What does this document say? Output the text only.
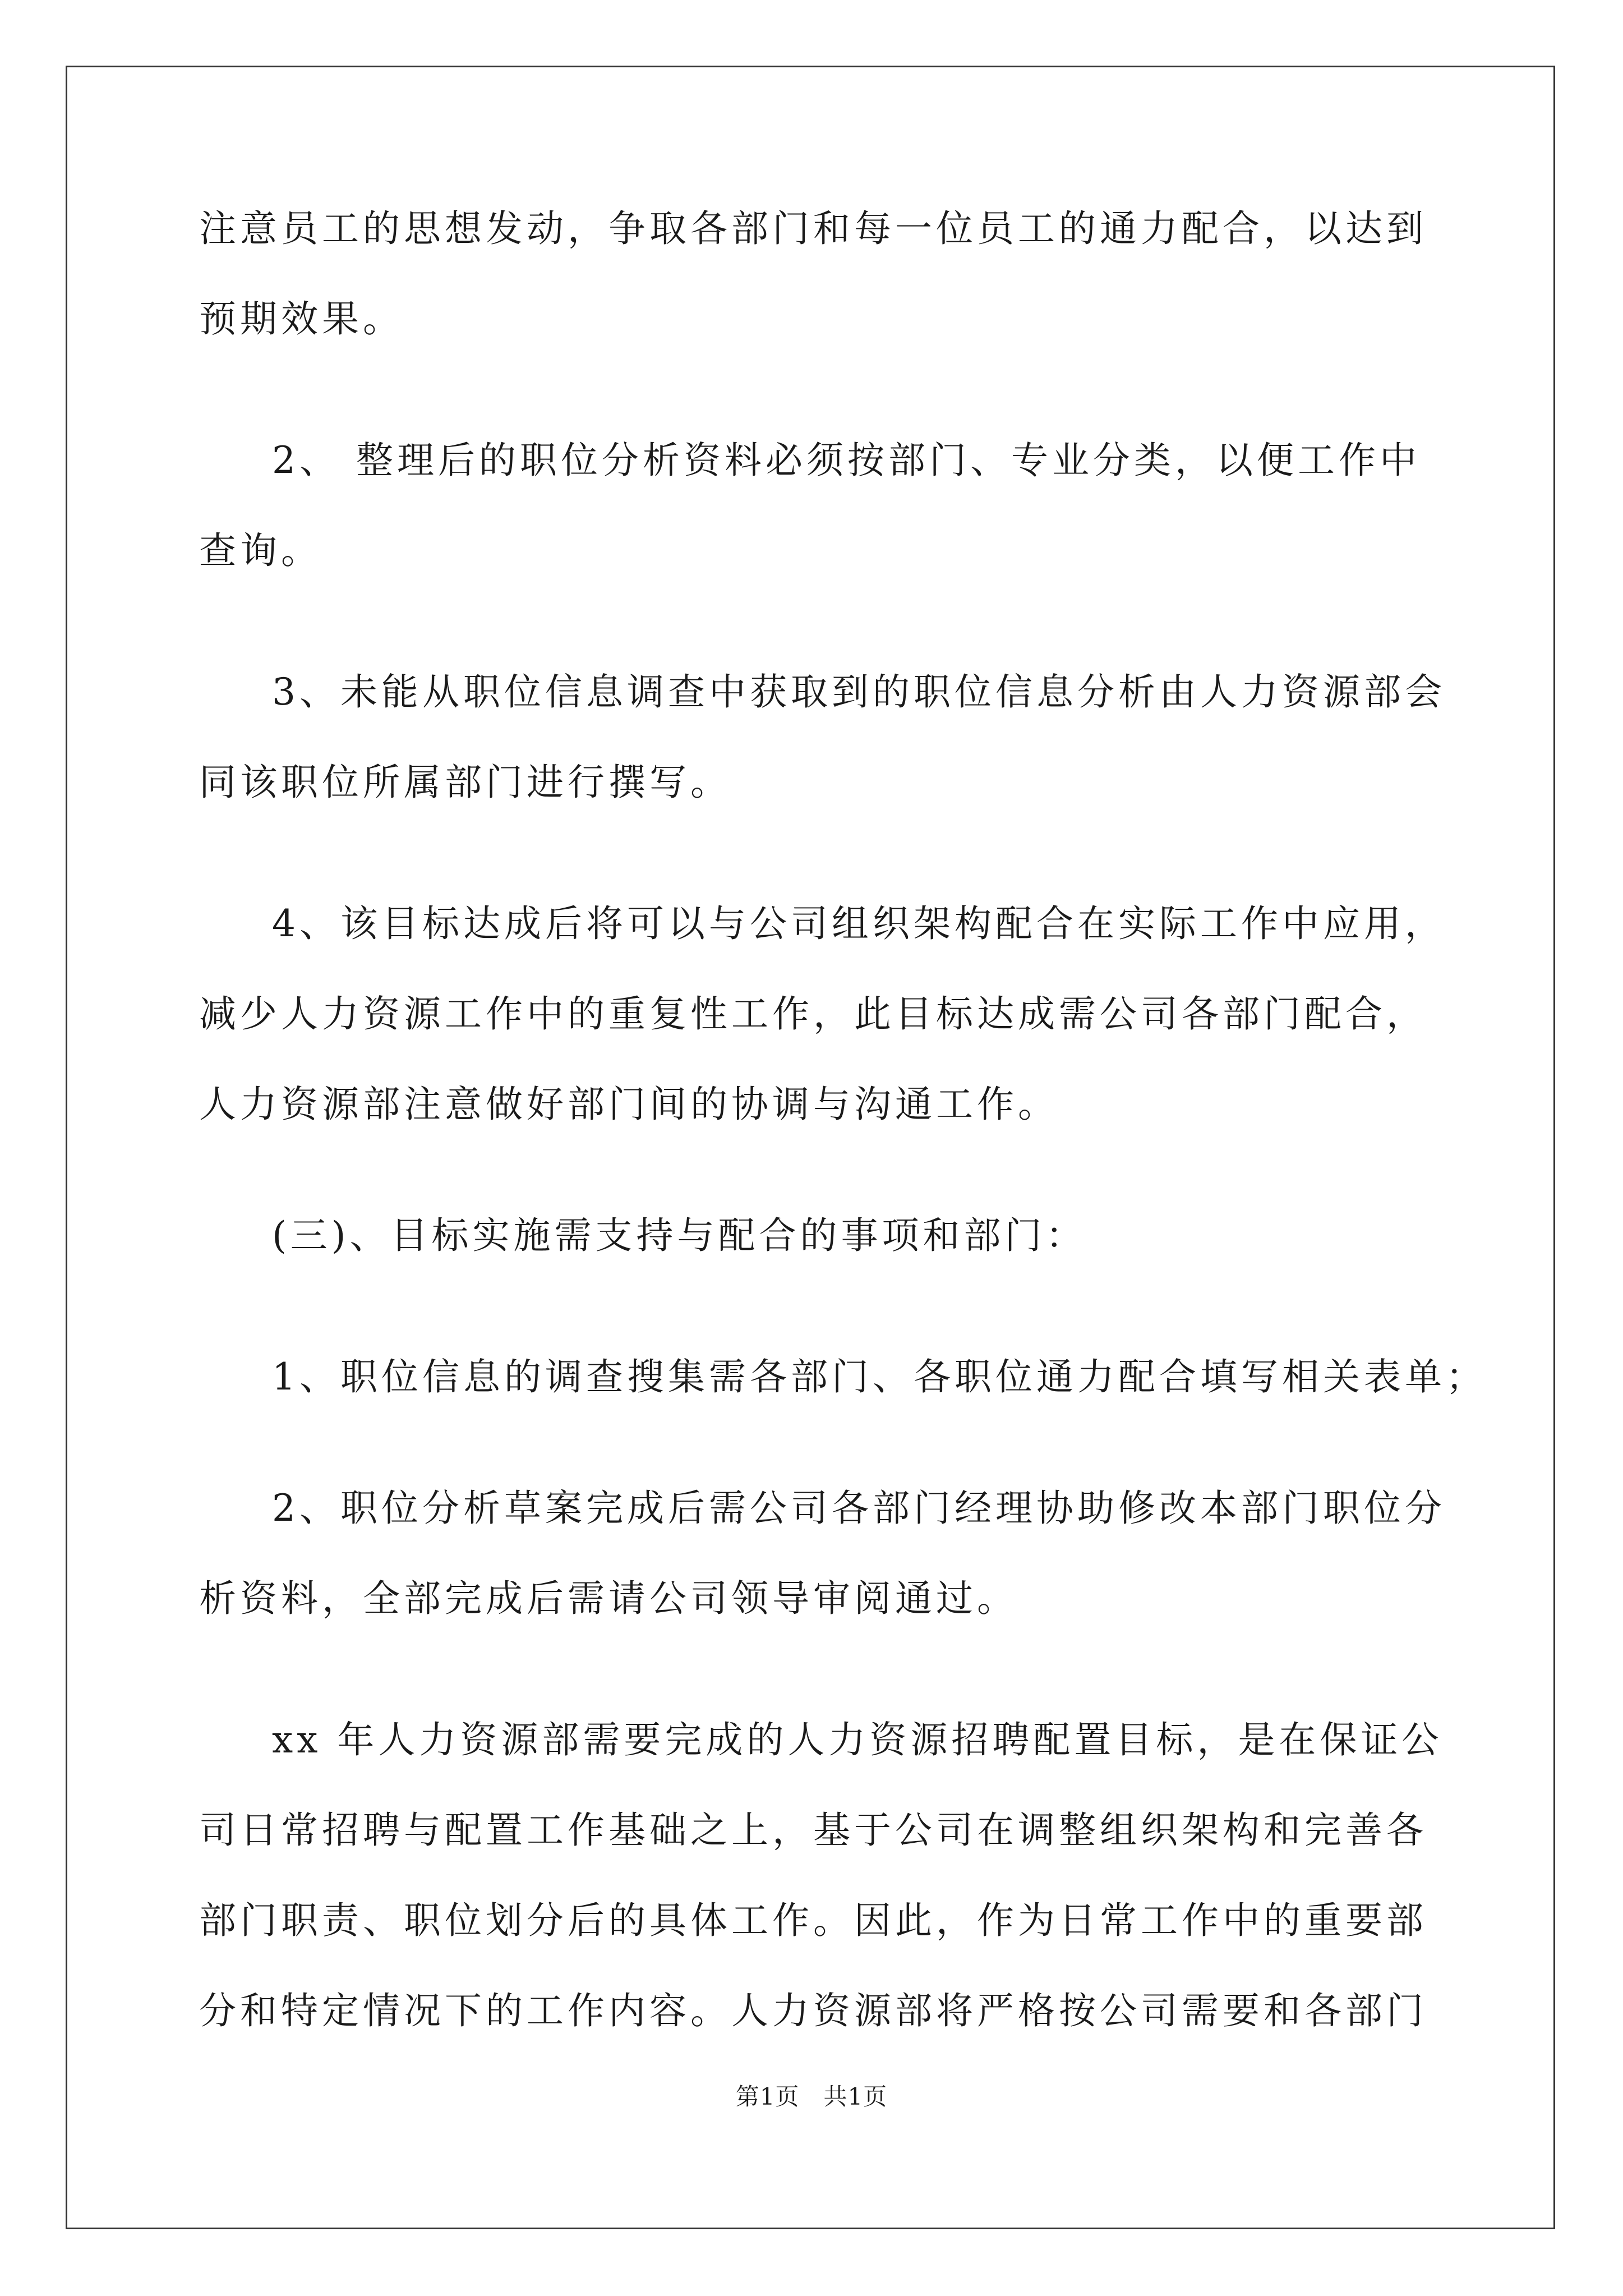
注意员工的思想发动，争取各部门和每一位员工的通力配合，以达到
预期效果。
2、 整理后的职位分析资料必须按部门、专业分类，以便工作中
查询。
3、未能从职位信息调查中获取到的职位信息分析由人力资源部会
同该职位所属部门进行撰写。
4、该目标达成后将可以与公司组织架构配合在实际工作中应用，
减少人力资源工作中的重复性工作，此目标达成需公司各部门配合，
人力资源部注意做好部门间的协调与沟通工作。
(三)、目标实施需支持与配合的事项和部门：
1、职位信息的调查搜集需各部门、各职位通力配合填写相关表单；
2、职位分析草案完成后需公司各部门经理协助修改本部门职位分
析资料，全部完成后需请公司领导审阅通过。
xx 年人力资源部需要完成的人力资源招聘配置目标，是在保证公
司日常招聘与配置工作基础之上，基于公司在调整组织架构和完善各
部门职责、职位划分后的具体工作。因此，作为日常工作中的重要部
分和特定情况下的工作内容。人力资源部将严格按公司需要和各部门
第1页　共1页
